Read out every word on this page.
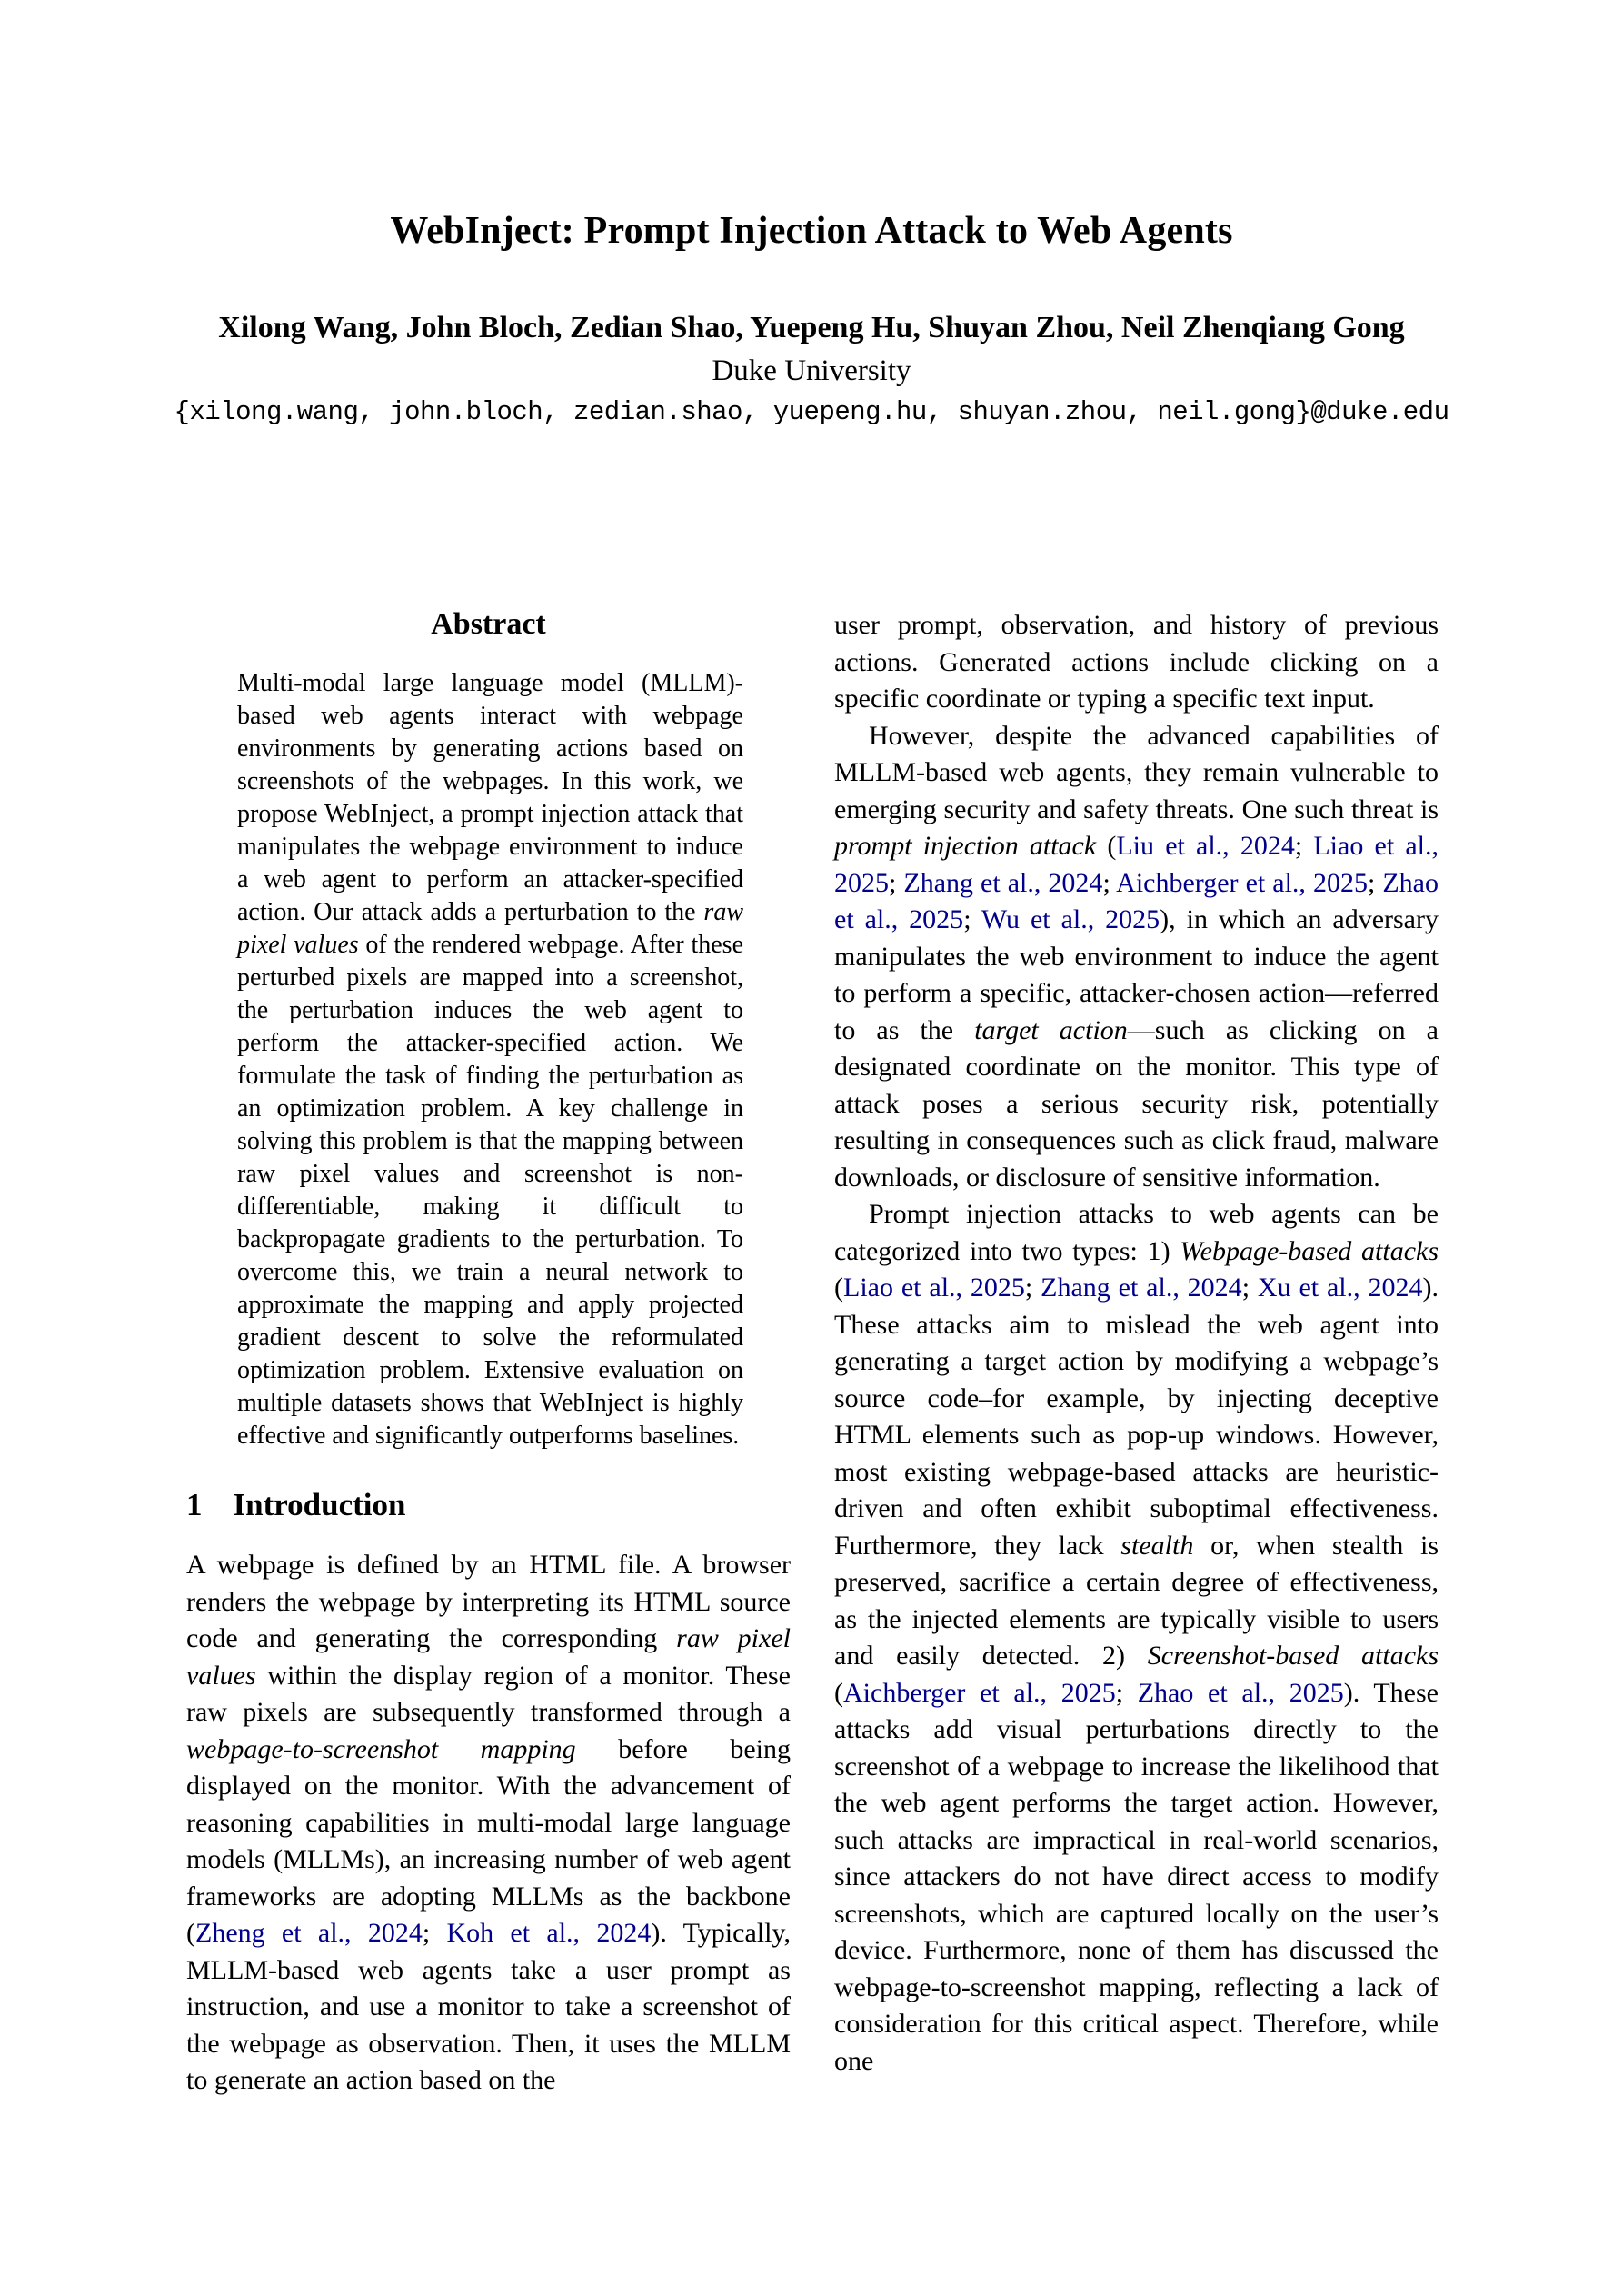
WebInject: Prompt Injection Attack to Web Agents
Xilong Wang, John Bloch, Zedian Shao, Yuepeng Hu, Shuyan Zhou, Neil Zhenqiang Gong
Duke University
{xilong.wang, john.bloch, zedian.shao, yuepeng.hu, shuyan.zhou, neil.gong}@duke.edu
Abstract

Multi-modal large language model (MLLM)-based web agents interact with webpage environments by generating actions based on screenshots of the webpages. In this work, we propose WebInject, a prompt injection attack that manipulates the webpage environment to induce a web agent to perform an attacker-specified action. Our attack adds a perturbation to the raw pixel values of the rendered webpage. After these perturbed pixels are mapped into a screenshot, the perturbation induces the web agent to perform the attacker-specified action. We formulate the task of finding the perturbation as an optimization problem. A key challenge in solving this problem is that the mapping between raw pixel values and screenshot is non-differentiable, making it difficult to backpropagate gradients to the perturbation. To overcome this, we train a neural network to approximate the mapping and apply projected gradient descent to solve the reformulated optimization problem. Extensive evaluation on multiple datasets shows that WebInject is highly effective and significantly outperforms baselines.

1 Introduction

A webpage is defined by an HTML file. A browser renders the webpage by interpreting its HTML source code and generating the corresponding raw pixel values within the display region of a monitor. These raw pixels are subsequently transformed through a webpage-to-screenshot mapping before being displayed on the monitor. With the advancement of reasoning capabilities in multi-modal large language models (MLLMs), an increasing number of web agent frameworks are adopting MLLMs as the backbone (Zheng et al., 2024; Koh et al., 2024). Typically, MLLM-based web agents take a user prompt as instruction, and use a monitor to take a screenshot of the webpage as observation. Then, it uses the MLLM to generate an action based on the

user prompt, observation, and history of previous actions. Generated actions include clicking on a specific coordinate or typing a specific text input.

However, despite the advanced capabilities of MLLM-based web agents, they remain vulnerable to emerging security and safety threats. One such threat is prompt injection attack (Liu et al., 2024; Liao et al., 2025; Zhang et al., 2024; Aichberger et al., 2025; Zhao et al., 2025; Wu et al., 2025), in which an adversary manipulates the web environment to induce the agent to perform a specific, attacker-chosen action—referred to as the target action—such as clicking on a designated coordinate on the monitor. This type of attack poses a serious security risk, potentially resulting in consequences such as click fraud, malware downloads, or disclosure of sensitive information.

Prompt injection attacks to web agents can be categorized into two types: 1) Webpage-based attacks (Liao et al., 2025; Zhang et al., 2024; Xu et al., 2024). These attacks aim to mislead the web agent into generating a target action by modifying a webpage’s source code–for example, by injecting deceptive HTML elements such as pop-up windows. However, most existing webpage-based attacks are heuristic-driven and often exhibit suboptimal effectiveness. Furthermore, they lack stealth or, when stealth is preserved, sacrifice a certain degree of effectiveness, as the injected elements are typically visible to users and easily detected. 2) Screenshot-based attacks (Aichberger et al., 2025; Zhao et al., 2025). These attacks add visual perturbations directly to the screenshot of a webpage to increase the likelihood that the web agent performs the target action. However, such attacks are impractical in real-world scenarios, since attackers do not have direct access to modify screenshots, which are captured locally on the user’s device. Furthermore, none of them has discussed the webpage-to-screenshot mapping, reflecting a lack of consideration for this critical aspect. Therefore, while one
